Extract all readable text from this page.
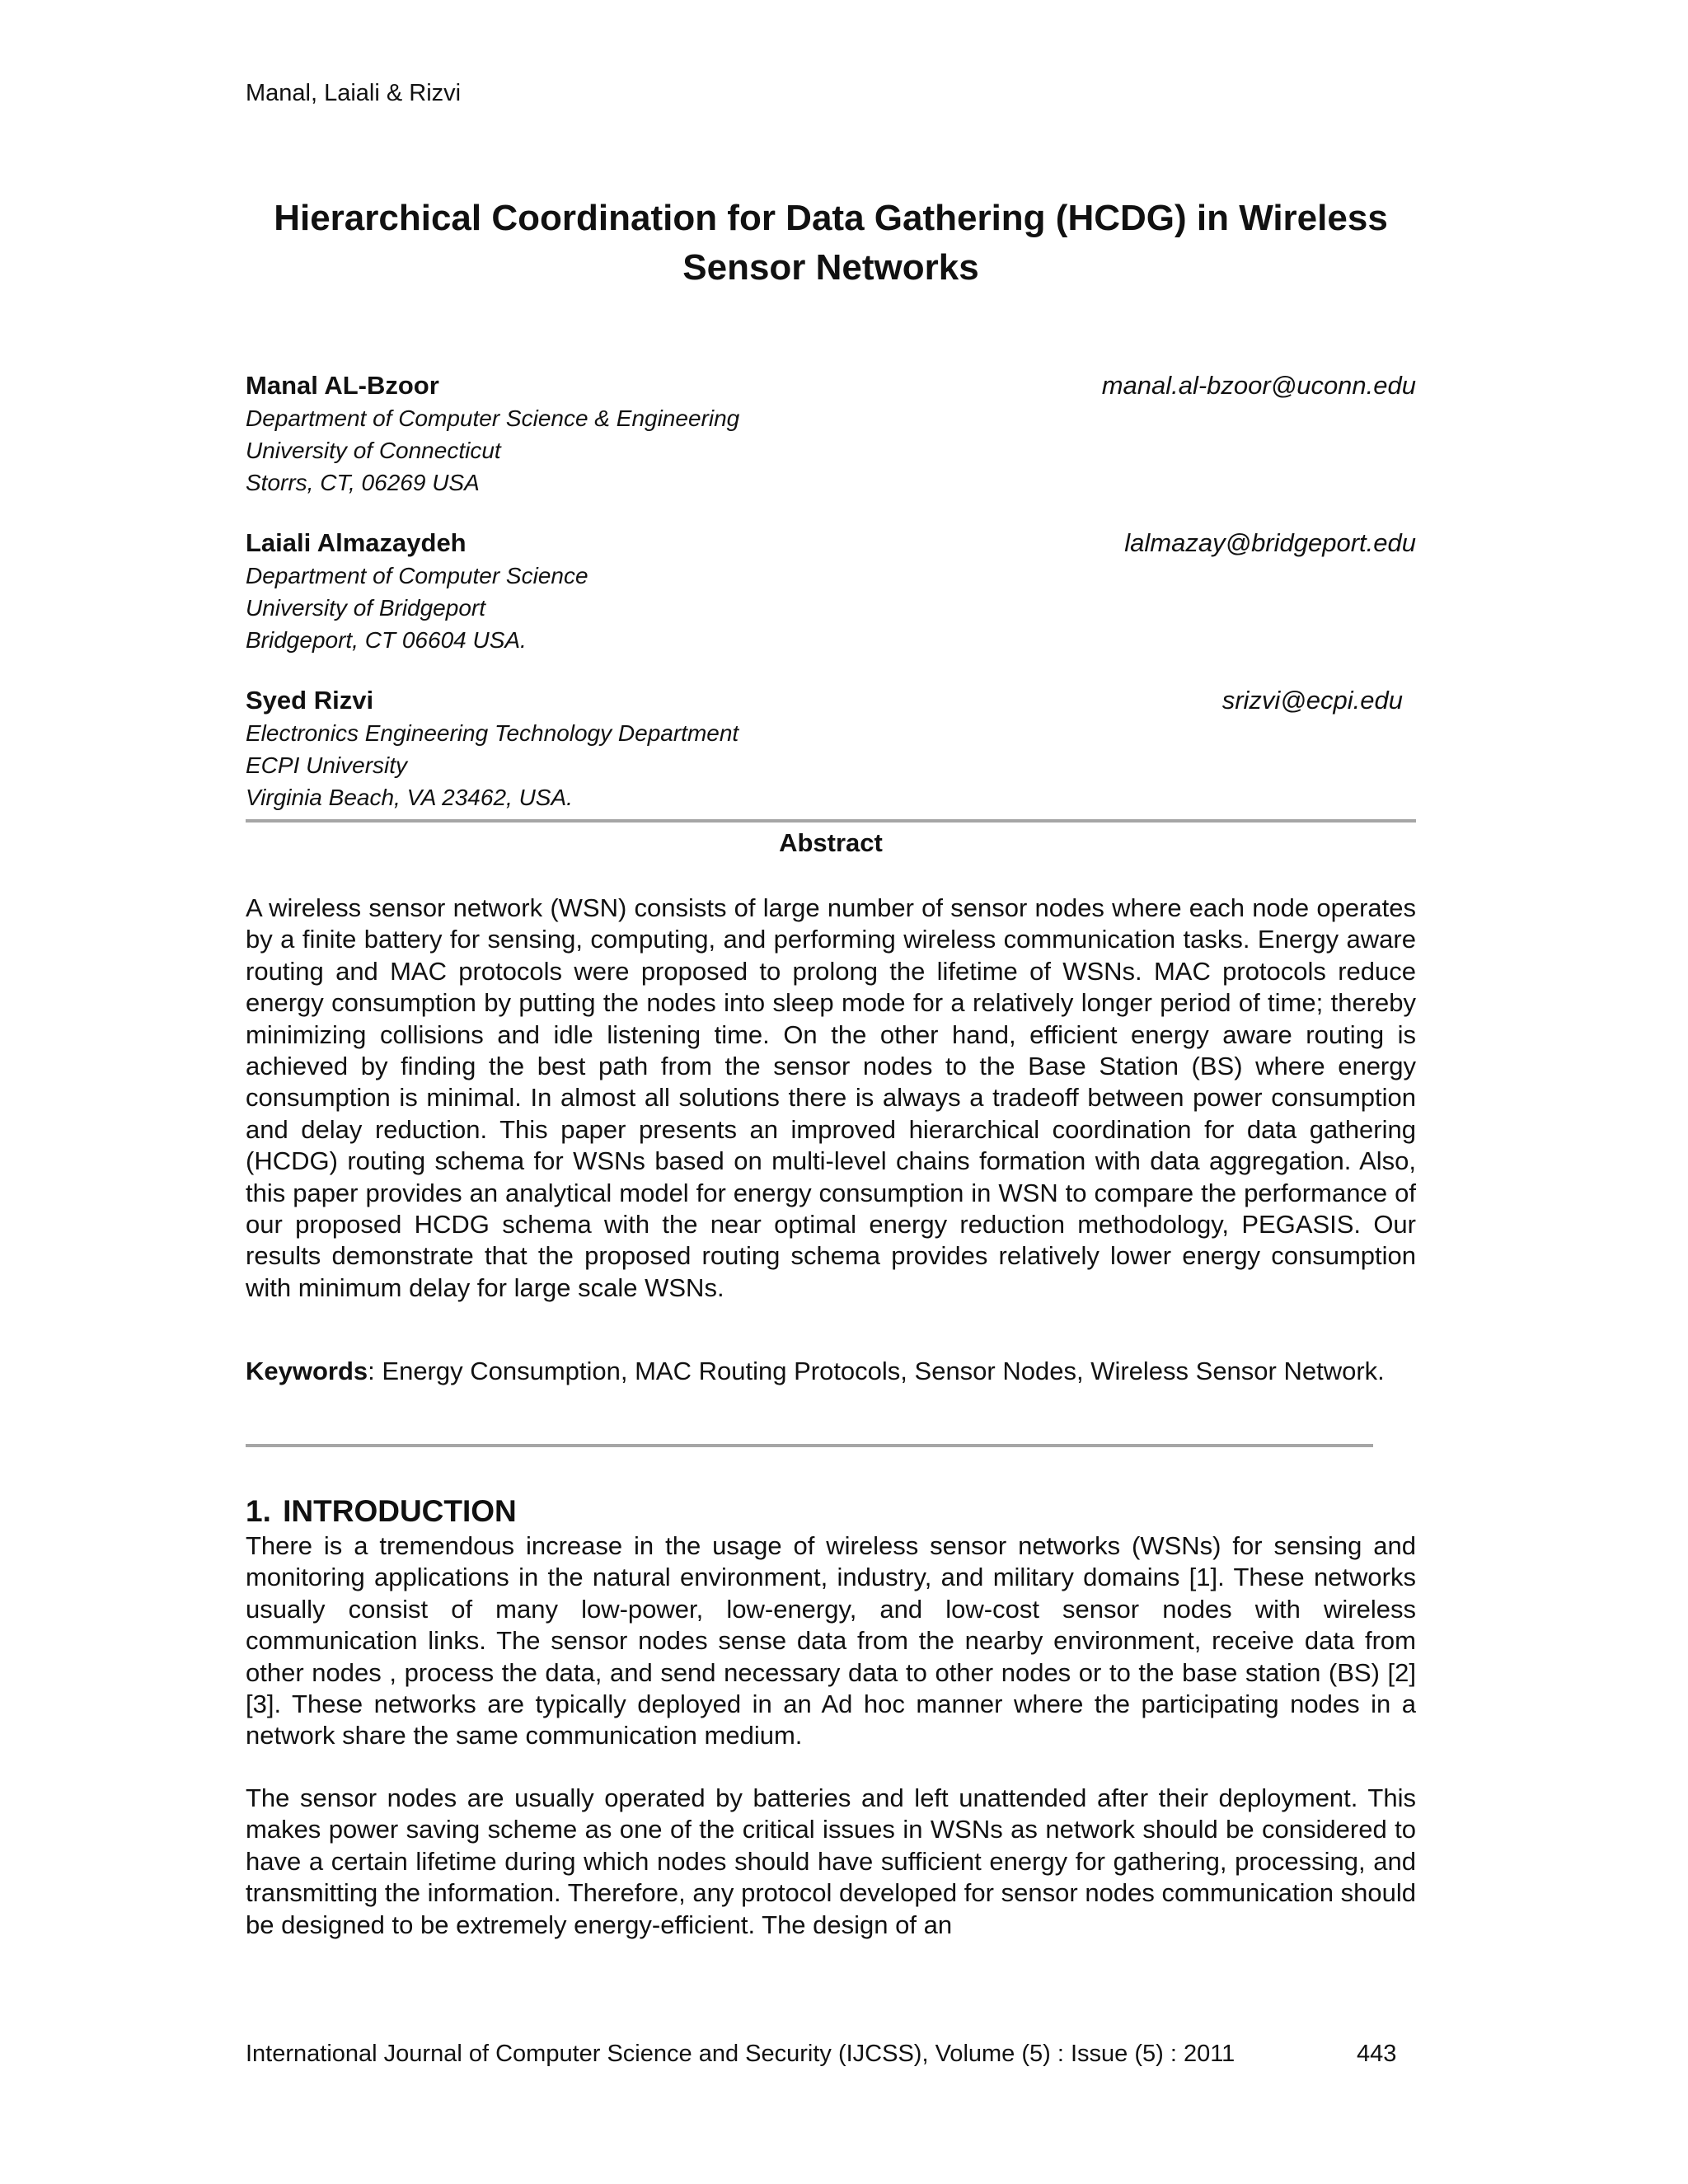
Manal, Laiali & Rizvi
Hierarchical Coordination for Data Gathering (HCDG) in Wireless Sensor Networks
Manal AL-Bzoor	manal.al-bzoor@uconn.edu
Department of Computer Science & Engineering
University of Connecticut
Storrs, CT, 06269 USA
Laiali Almazaydeh	lalmazay@bridgeport.edu
Department of Computer Science
University of Bridgeport
Bridgeport, CT 06604 USA.
Syed Rizvi	srizvi@ecpi.edu
Electronics Engineering Technology Department
ECPI University
Virginia Beach, VA 23462, USA.
Abstract
A wireless sensor network (WSN) consists of large number of sensor nodes where each node operates by a finite battery for sensing, computing, and performing wireless communication tasks. Energy aware routing and MAC protocols were proposed to prolong the lifetime of WSNs. MAC protocols reduce energy consumption by putting the nodes into sleep mode for a relatively longer period of time; thereby minimizing collisions and idle listening time. On the other hand, efficient energy aware routing is achieved by finding the best path from the sensor nodes to the Base Station (BS) where energy consumption is minimal. In almost all solutions there is always a tradeoff between power consumption and delay reduction. This paper presents an improved hierarchical coordination for data gathering (HCDG) routing schema for WSNs based on multi-level chains formation with data aggregation. Also, this paper provides an analytical model for energy consumption in WSN to compare the performance of our proposed HCDG schema with the near optimal energy reduction methodology, PEGASIS. Our results demonstrate that the proposed routing schema provides relatively lower energy consumption with minimum delay for large scale WSNs.
Keywords: Energy Consumption, MAC Routing Protocols, Sensor Nodes, Wireless Sensor Network.
1. INTRODUCTION
There is a tremendous increase in the usage of wireless sensor networks (WSNs) for sensing and monitoring applications in the natural environment, industry, and military domains [1]. These networks usually consist of many low-power, low-energy, and low-cost sensor nodes with wireless communication links. The sensor nodes sense data from the nearby environment, receive data from other nodes , process the data, and send necessary data to other nodes or to the base station (BS) [2][3]. These networks are typically deployed in an Ad hoc manner where the participating nodes in a network share the same communication medium.
The sensor nodes are usually operated by batteries and left unattended after their deployment. This makes power saving scheme as one of the critical issues in WSNs as network should be considered to have a certain lifetime during which nodes should have sufficient energy for gathering, processing, and transmitting the information. Therefore, any protocol developed for sensor nodes communication should be designed to be extremely energy-efficient. The design of an
International Journal of Computer Science and Security (IJCSS), Volume (5) : Issue (5) : 2011	443
